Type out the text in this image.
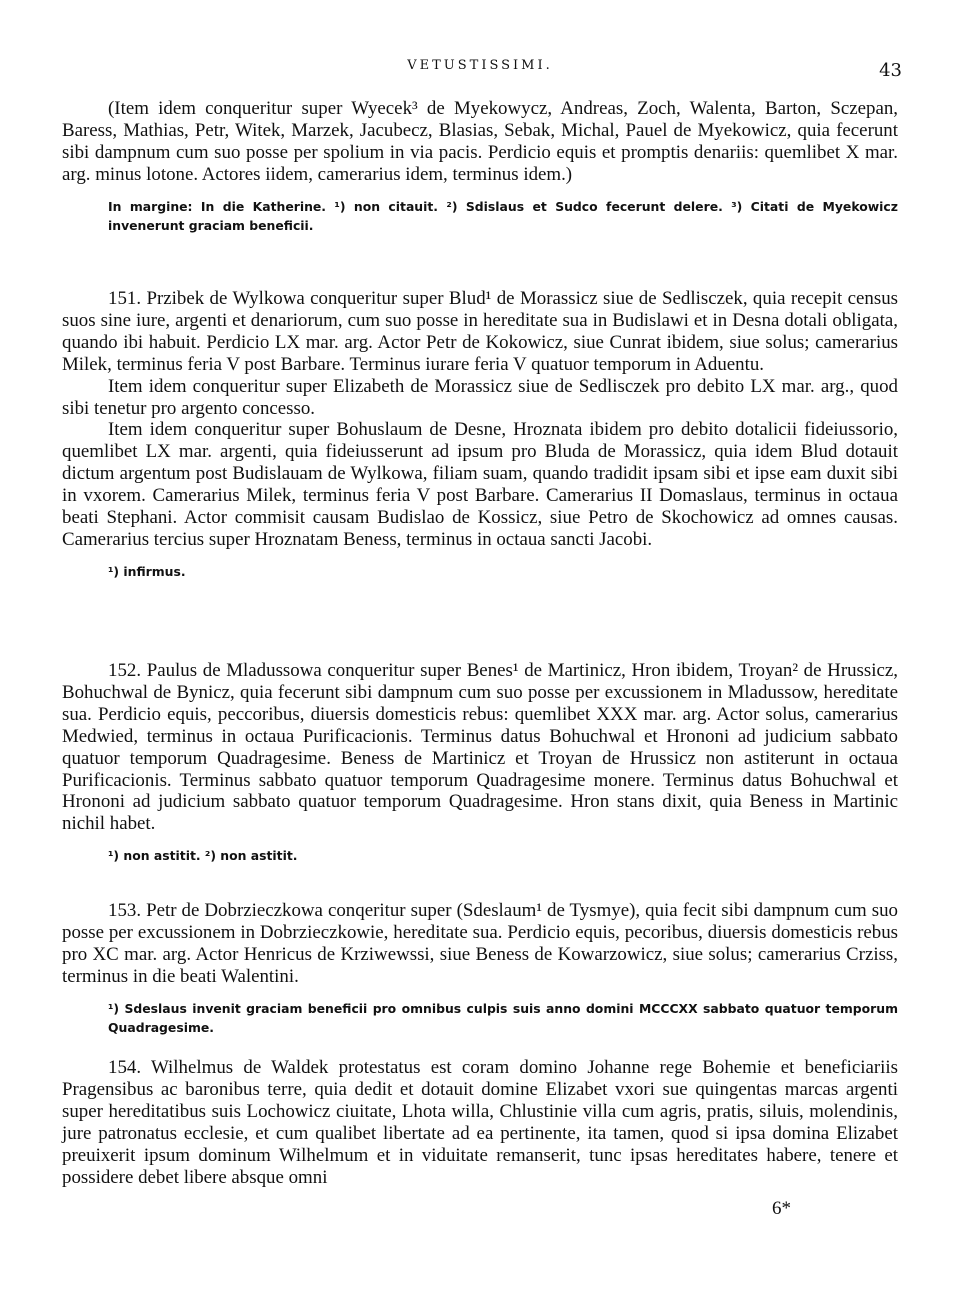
VETUSTISSIMI.	43

(Item idem conqueritur super Wyecek³ de Myekowycz, Andreas, Zoch, Walenta, Barton, Sczepan, Baress, Mathias, Petr, Witek, Marzek, Jacubecz, Blasias, Sebak, Michal, Pauel de Myekowicz, quia fecerunt sibi dampnum cum suo posse per spolium in via pacis. Perdicio equis et promptis denariis: quemlibet X mar. arg. minus lotone. Actores iidem, camerarius idem, terminus idem.)

In margine: In die Katherine. ¹) non citauit. ²) Sdislaus et Sudco fecerunt delere. ³) Citati de Myekowicz invenerunt graciam beneficii.

151. Przibek de Wylkowa conqueritur super Blud¹ de Morassicz siue de Sedlisczek, quia recepit census suos sine iure, argenti et denariorum, cum suo posse in hereditate sua in Budislawi et in Desna dotali obligata, quando ibi habuit. Perdicio LX mar. arg. Actor Petr de Kokowicz, siue Cunrat ibidem, siue solus; camerarius Milek, terminus feria V post Barbare. Terminus iurare feria V quatuor temporum in Aduentu.

Item idem conqueritur super Elizabeth de Morassicz siue de Sedlisczek pro debito LX mar. arg., quod sibi tenetur pro argento concesso.

Item idem conqueritur super Bohuslaum de Desne, Hroznata ibidem pro debito dotalicii fideiussorio, quemlibet LX mar. argenti, quia fideiusserunt ad ipsum pro Bluda de Morassicz, quia idem Blud dotauit dictum argentum post Budislauam de Wylkowa, filiam suam, quando tradidit ipsam sibi et ipse eam duxit sibi in vxorem. Camerarius Milek, terminus feria V post Barbare. Camerarius II Domaslaus, terminus in octaua beati Stephani. Actor commisit causam Budislao de Kossicz, siue Petro de Skochowicz ad omnes causas. Camerarius tercius super Hroznatam Beness, terminus in octaua sancti Jacobi.

¹) infirmus.

152. Paulus de Mladussowa conqueritur super Benes¹ de Martinicz, Hron ibidem, Troyan² de Hrussicz, Bohuchwal de Bynicz, quia fecerunt sibi dampnum cum suo posse per excussionem in Mladussow, hereditate sua. Perdicio equis, peccoribus, diuersis domesticis rebus: quemlibet XXX mar. arg. Actor solus, camerarius Medwied, terminus in octaua Purificacionis. Terminus datus Bohuchwal et Hrononi ad judicium sabbato quatuor temporum Quadragesime. Beness de Martinicz et Troyan de Hrussicz non astiterunt in octaua Purificacionis. Terminus sabbato quatuor temporum Quadragesime monere. Terminus datus Bohuchwal et Hrononi ad judicium sabbato quatuor temporum Quadragesime. Hron stans dixit, quia Beness in Martinic nichil habet.

¹) non astitit. ²) non astitit.

153. Petr de Dobrzieczkowa conqeritur super (Sdeslaum¹ de Tysmye), quia fecit sibi dampnum cum suo posse per excussionem in Dobrzieczkowie, hereditate sua. Perdicio equis, pecoribus, diuersis domesticis rebus pro XC mar. arg. Actor Henricus de Krziwewssi, siue Beness de Kowarzowicz, siue solus; camerarius Crziss, terminus in die beati Walentini.

¹) Sdeslaus invenit graciam beneficii pro omnibus culpis suis anno domini MCCCXX sabbato quatuor temporum Quadragesime.

154. Wilhelmus de Waldek protestatus est coram domino Johanne rege Bohemie et beneficiariis Pragensibus ac baronibus terre, quia dedit et dotauit domine Elizabet vxori sue quingentas marcas argenti super hereditatibus suis Lochowicz ciuitate, Lhota willa, Chlustinie villa cum agris, pratis, siluis, molendinis, jure patronatus ecclesie, et cum qualibet libertate ad ea pertinente, ita tamen, quod si ipsa domina Elizabet preuixerit ipsum dominum Wilhelmum et in viduitate remanserit, tunc ipsas hereditates habere, tenere et possidere debet libere absque omni

6*
